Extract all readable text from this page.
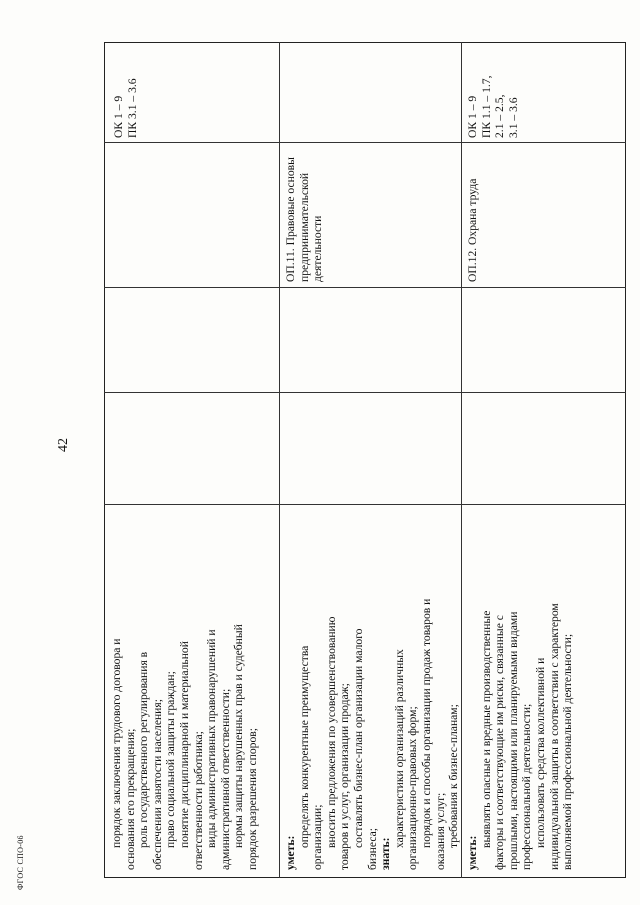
42
ФГОС СПО-06

порядок заключения трудового договора и основания его прекращения; роль государственного регулирования в обеспечении занятости населения; право социальной защиты граждан; понятие дисциплинарной и материальной ответственности работника; виды административных правонарушений и административной ответственности; нормы защиты нарушенных прав и судебный порядок разрешения споров;

ОК 1 – 9 ПК 3.1 – 3.6

уметь:

определять конкурентные преимущества организации; вносить предложения по усовершенствованию товаров и услуг, организации продаж; составлять бизнес-план организации малого

бизнеса; знать:

характеристики организаций различных организационно-правовых форм; порядок и способы организации продаж товаров и оказания услуг; требования к бизнес-планам;

ОП.11. Правовые основы предпринимательской деятельности

уметь:

выявлять опасные и вредные производственные факторы и соответствующие им риски, связанные с прошлыми, настоящими или планируемыми видами профессиональной деятельности; использовать средства коллективной и индивидуальной защиты в соответствии с характером выполняемой профессиональной деятельности;

ОП.12. Охрана труда

ОК 1 – 9 ПК 1.1 – 1.7, 2.1 – 2.5, 3.1 – 3.6
